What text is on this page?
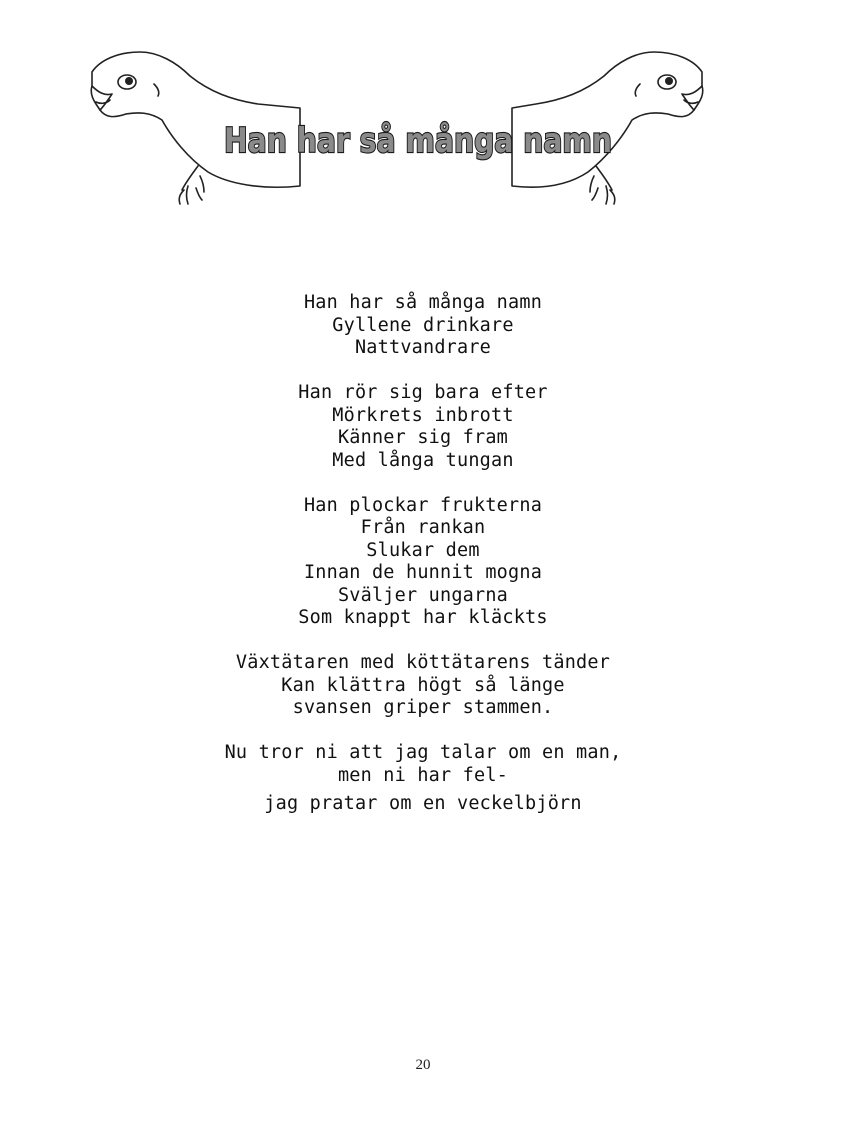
Han har så många namn
Han har så många namn
Gyllene drinkare
Nattvandrare
Han rör sig bara efter
Mörkrets inbrott
Känner sig fram
Med långa tungan
Han plockar frukterna
Från rankan
Slukar dem
Innan de hunnit mogna
Sväljer ungarna
Som knappt har kläckts
Växtätaren med köttätarens tänder
Kan klättra högt så länge
svansen griper stammen.
Nu tror ni att jag talar om en man,
men ni har fel-
jag pratar om en veckelbjörn
20
